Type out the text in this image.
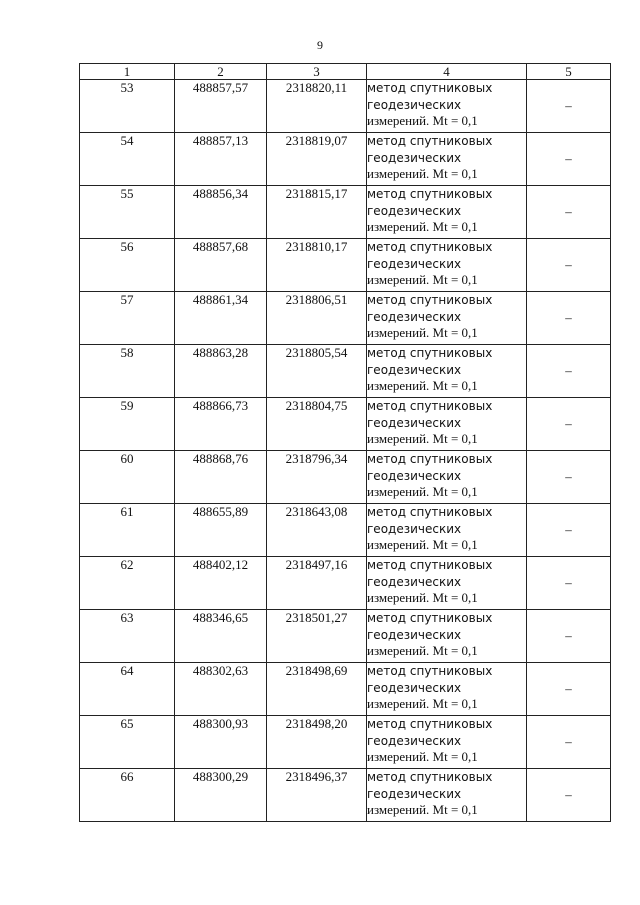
9
1	2	3	4	5
53	488857,57	2318820,11	метод спутниковых
геодезических
измерений. Mt = 0,1	–
54	488857,13	2318819,07	метод спутниковых
геодезических
измерений. Mt = 0,1	–
55	488856,34	2318815,17	метод спутниковых
геодезических
измерений. Mt = 0,1	–
56	488857,68	2318810,17	метод спутниковых
геодезических
измерений. Mt = 0,1	–
57	488861,34	2318806,51	метод спутниковых
геодезических
измерений. Mt = 0,1	–
58	488863,28	2318805,54	метод спутниковых
геодезических
измерений. Mt = 0,1	–
59	488866,73	2318804,75	метод спутниковых
геодезических
измерений. Mt = 0,1	–
60	488868,76	2318796,34	метод спутниковых
геодезических
измерений. Mt = 0,1	–
61	488655,89	2318643,08	метод спутниковых
геодезических
измерений. Mt = 0,1	–
62	488402,12	2318497,16	метод спутниковых
геодезических
измерений. Mt = 0,1	–
63	488346,65	2318501,27	метод спутниковых
геодезических
измерений. Mt = 0,1	–
64	488302,63	2318498,69	метод спутниковых
геодезических
измерений. Mt = 0,1	–
65	488300,93	2318498,20	метод спутниковых
геодезических
измерений. Mt = 0,1	–
66	488300,29	2318496,37	метод спутниковых
геодезических
измерений. Mt = 0,1	–
